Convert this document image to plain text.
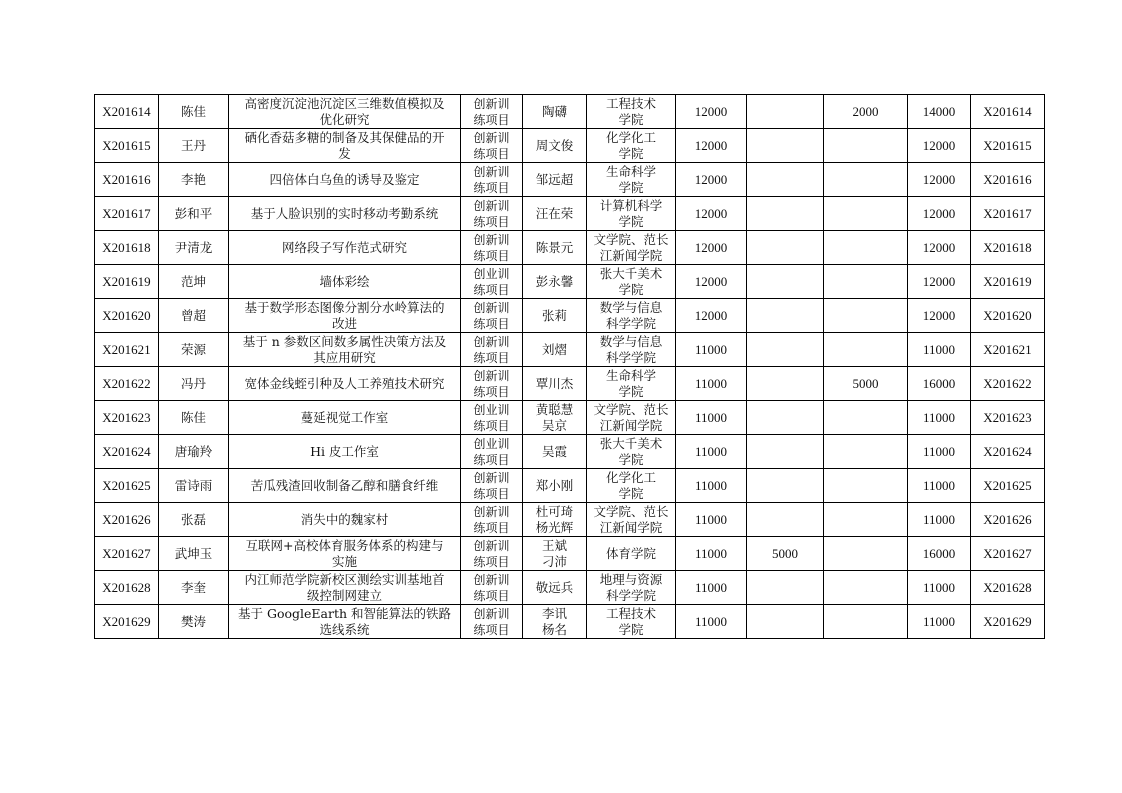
X201614	陈佳	高密度沉淀池沉淀区三维数值模拟及
优化研究	创新训
练项目	陶礴	工程技术
学院	12000		2000	14000	X201614
X201615	王丹	硒化香菇多糖的制备及其保健品的开
发	创新训
练项目	周文俊	化学化工
学院	12000			12000	X201615
X201616	李艳	四倍体白乌鱼的诱导及鉴定	创新训
练项目	邹远超	生命科学
学院	12000			12000	X201616
X201617	彭和平	基于人脸识别的实时移动考勤系统	创新训
练项目	汪在荣	计算机科学
学院	12000			12000	X201617
X201618	尹清龙	网络段子写作范式研究	创新训
练项目	陈景元	文学院、范长
江新闻学院	12000			12000	X201618
X201619	范坤	墙体彩绘	创业训
练项目	彭永馨	张大千美术
学院	12000			12000	X201619
X201620	曾超	基于数学形态图像分割分水岭算法的
改进	创新训
练项目	张莉	数学与信息
科学学院	12000			12000	X201620
X201621	荣源	基于 n 参数区间数多属性决策方法及
其应用研究	创新训
练项目	刘熠	数学与信息
科学学院	11000			11000	X201621
X201622	冯丹	宽体金线蛭引种及人工养殖技术研究	创新训
练项目	覃川杰	生命科学
学院	11000		5000	16000	X201622
X201623	陈佳	蔓延视觉工作室	创业训
练项目	黄聪慧
吴京	文学院、范长
江新闻学院	11000			11000	X201623
X201624	唐瑜羚	Hi 皮工作室	创业训
练项目	吴霞	张大千美术
学院	11000			11000	X201624
X201625	雷诗雨	苦瓜残渣回收制备乙醇和膳食纤维	创新训
练项目	郑小刚	化学化工
学院	11000			11000	X201625
X201626	张磊	消失中的魏家村	创新训
练项目	杜可琦
杨光辉	文学院、范长
江新闻学院	11000			11000	X201626
X201627	武坤玉	互联网+高校体育服务体系的构建与
实施	创新训
练项目	王斌
刁沛	体育学院	11000	5000		16000	X201627
X201628	李奎	内江师范学院新校区测绘实训基地首
级控制网建立	创新训
练项目	敬远兵	地理与资源
科学学院	11000			11000	X201628
X201629	樊涛	基于 GoogleEarth 和智能算法的铁路
选线系统	创新训
练项目	李讯
杨名	工程技术
学院	11000			11000	X201629
